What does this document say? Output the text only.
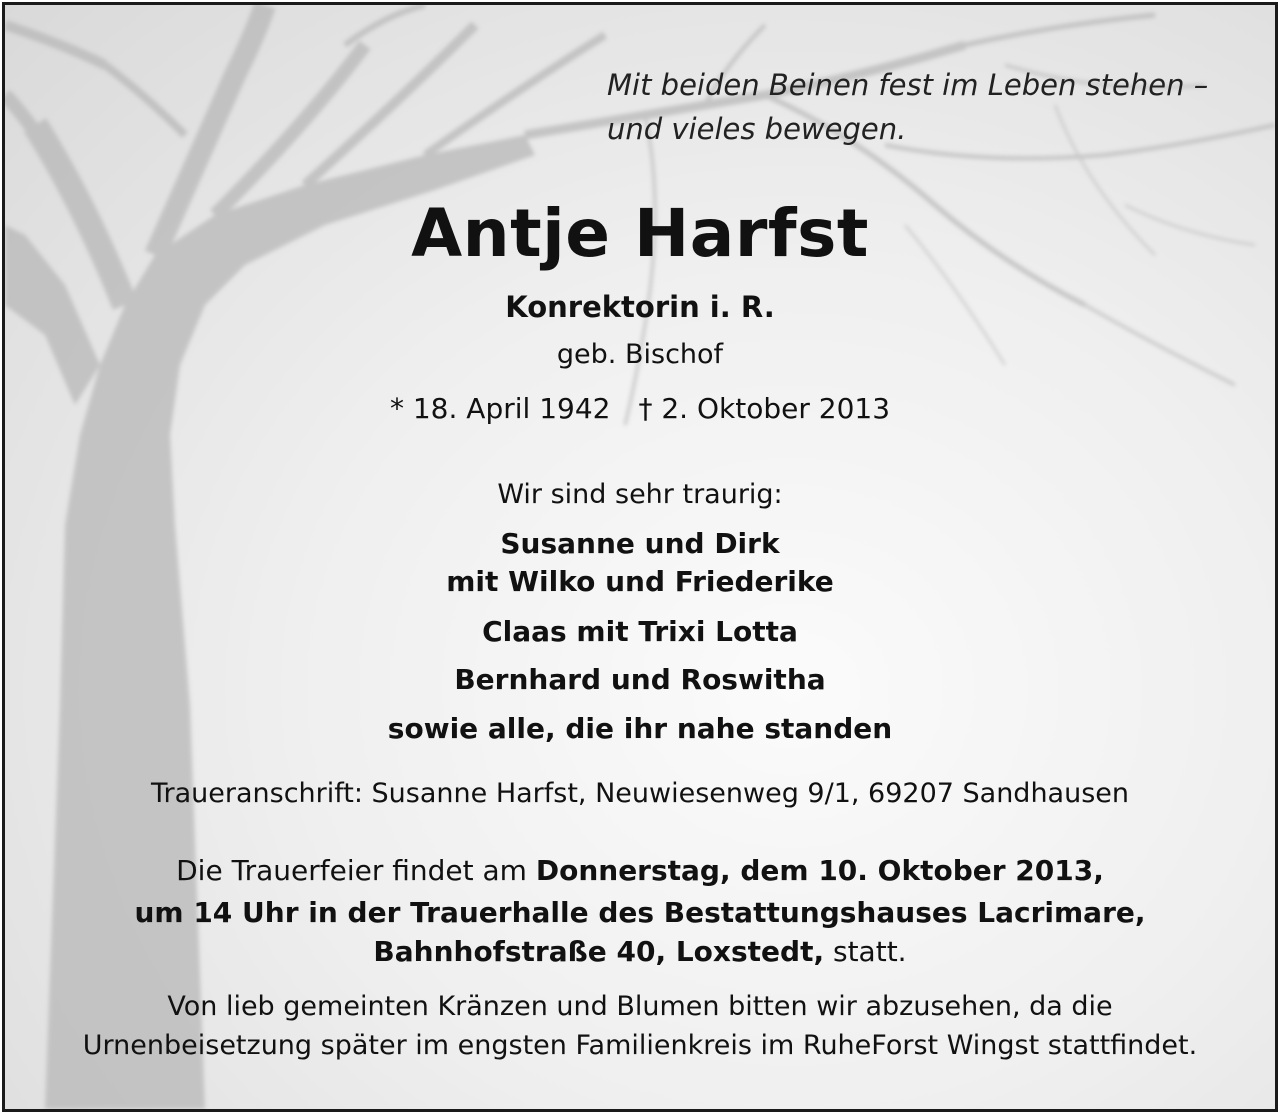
Mit beiden Beinen fest im Leben stehen –
und vieles bewegen.
Antje Harfst
Konrektorin i. R.
geb. Bischof
* 18. April 1942 † 2. Oktober 2013
Wir sind sehr traurig:
Susanne und Dirk
mit Wilko und Friederike
Claas mit Trixi Lotta
Bernhard und Roswitha
sowie alle, die ihr nahe standen
Traueranschrift: Susanne Harfst, Neuwiesenweg 9/1, 69207 Sandhausen
Die Trauerfeier findet am Donnerstag, dem 10. Oktober 2013,
um 14 Uhr in der Trauerhalle des Bestattungshauses Lacrimare,
Bahnhofstraße 40, Loxstedt, statt.
Von lieb gemeinten Kränzen und Blumen bitten wir abzusehen, da die
Urnenbeisetzung später im engsten Familienkreis im RuheForst Wingst stattfindet.
